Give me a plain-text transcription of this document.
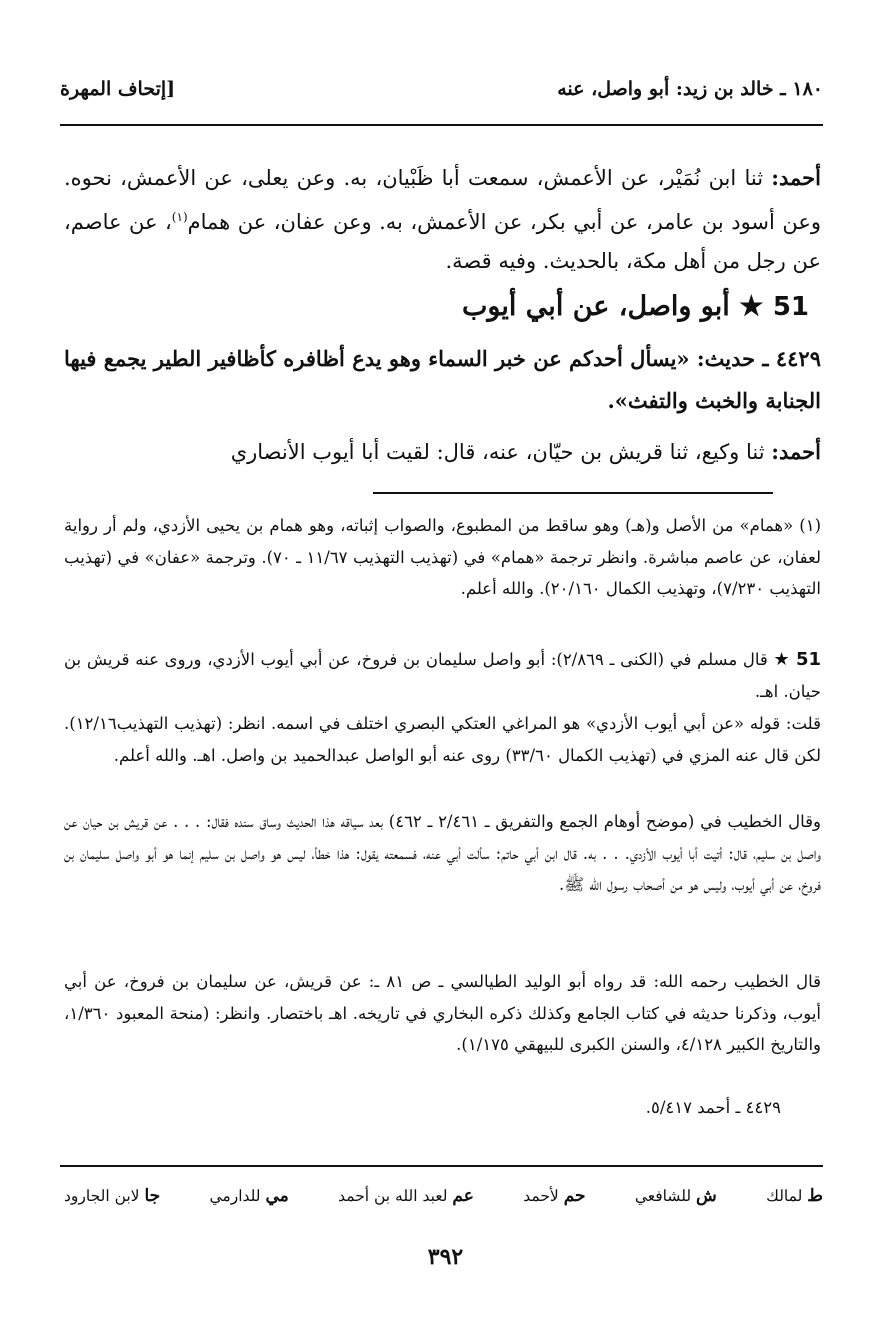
١٨٠ ـ خالد بن زيد: أبو واصل، عنه
[إتحاف المهرة
أحمد: ثنا ابن نُمَيْر، عن الأعمش، سمعت أبا ظَبْيان، به. وعن يعلى، عن الأعمش، نحوه. وعن أسود بن عامر، عن أبي بكر، عن الأعمش، به. وعن عفان، عن همام$^{(١)}$، عن عاصم، عن رجل من أهل مكة، بالحديث. وفيه قصة.
51 ★ أبو واصل، عن أبي أيوب
٤٤٢٩ ـ حديث: «يسأل أحدكم عن خبر السماء وهو يدع أظافره كأظافير الطير يجمع فيها الجنابة والخبث والتفث».
أحمد: ثنا وكيع، ثنا قريش بن حيّان، عنه، قال: لقيت أبا أيوب الأنصاري
(١) «همام» من الأصل و(هـ) وهو ساقط من المطبوع، والصواب إثباته، وهو همام بن يحيى الأزدي، ولم أر رواية لعفان، عن عاصم مباشرة. وانظر ترجمة «همام» في (تهذيب التهذيب ١١/٦٧ ـ ٧٠). وترجمة «عفان» في (تهذيب التهذيب ٧/٢٣٠)، وتهذيب الكمال ٢٠/١٦٠). والله أعلم.
51 ★ قال مسلم في (الكنى ـ ٢/٨٦٩): أبو واصل سليمان بن فروخ، عن أبي أيوب الأزدي، وروى عنه قريش بن حيان. اهـ.
قلت: قوله «عن أبي أيوب الأزدي» هو المراغي العتكي البصري اختلف في اسمه. انظر: (تهذيب التهذيب١٢/١٦). لكن قال عنه المزي في (تهذيب الكمال ٣٣/٦٠) روى عنه أبو الواصل عبدالحميد بن واصل. اهـ. والله أعلم.
وقال الخطيب في (موضح أوهام الجمع والتفريق ـ ٢/٤٦١ ـ ٤٦٢) بعد سياقه هذا الحديث وساق سنده فقال: . . . عن قريش بن حيان عن واصل بن سليم، قال: أتيت أبا أيوب الأزدي. . . به. قال ابن أبي حاتم: سألت أبي عنه، فسمعته يقول: هذا خطأ، ليس هو واصل بن سليم إنما هو أبو واصل سليمان بن فروخ، عن أبي أيوب، وليس هو من أصحاب رسول الله ﷺ.
قال الخطيب رحمه الله: قد رواه أبو الوليد الطيالسي ـ ص ٨١ ـ: عن قريش، عن سليمان بن فروخ، عن أبي أيوب، وذكرنا حديثه في كتاب الجامع وكذلك ذكره البخاري في تاريخه. اهـ باختصار. وانظر: (منحة المعبود ١/٣٦٠، والتاريخ الكبير ٤/١٢٨، والسنن الكبرى للبيهقي ١/١٧٥).
٤٤٢٩ ـ أحمد ٥/٤١٧.
ط لمالك
ش للشافعي
حم لأحمد
عم لعبد الله بن أحمد
مي للدارمي
جا لابن الجارود
٣٩٢
